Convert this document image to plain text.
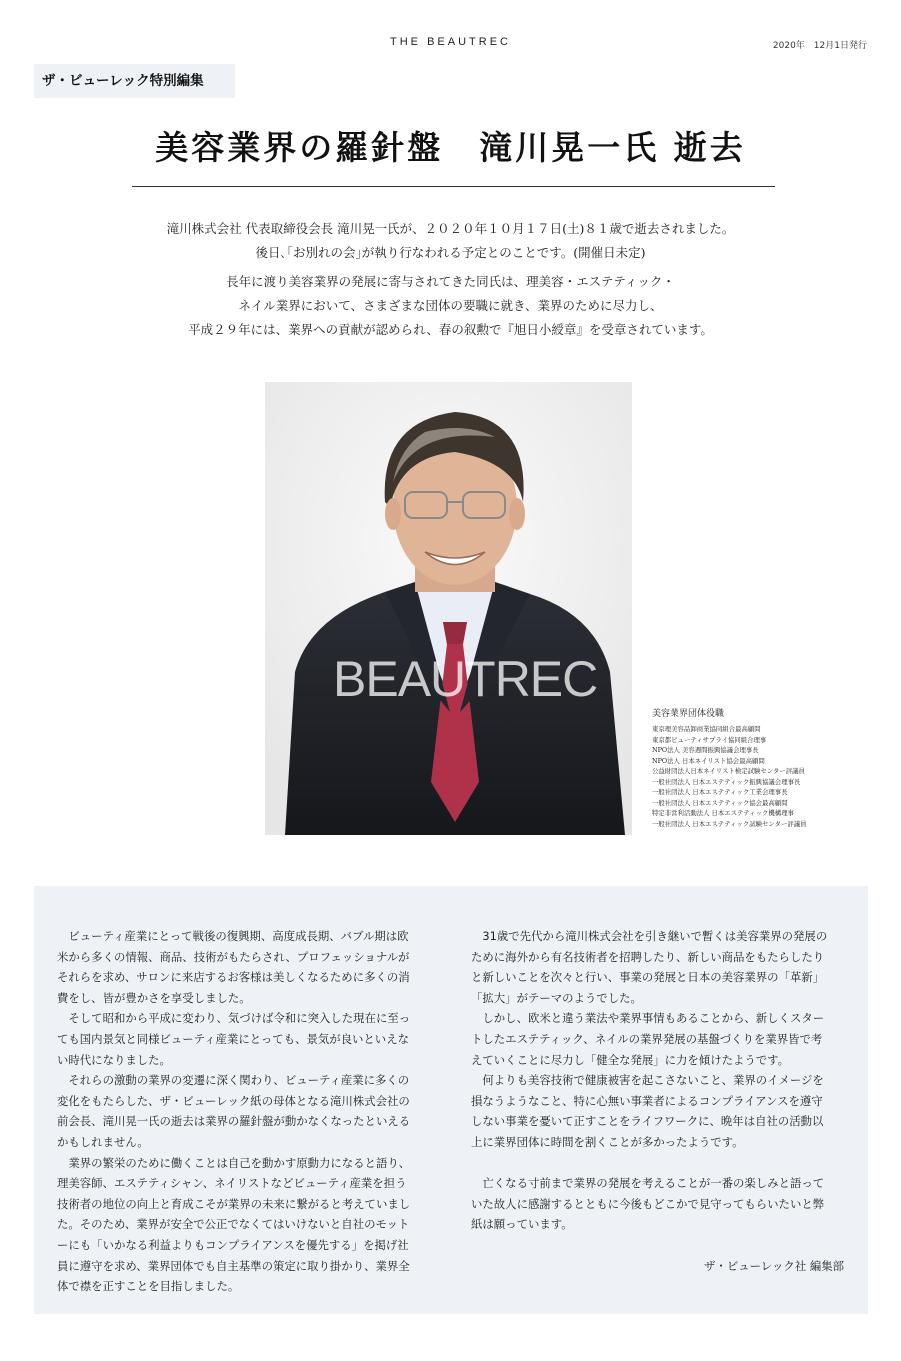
THE BEAUTREC	2020年　12月1日発行
ザ・ビューレック特別編集
美容業界の羅針盤　滝川晃一氏 逝去

滝川株式会社 代表取締役会長 滝川晃一氏が、２０２０年１０月１７日(土)８１歳で逝去されました。

後日､｢お別れの会｣が執り行なわれる予定とのことです。(開催日未定)

長年に渡り美容業界の発展に寄与されてきた同氏は、理美容・エステティック・

ネイル業界において、さまざまな団体の要職に就き、業界のために尽力し、

平成２９年には、業界への貢献が認められ、春の叙勲で『旭日小綬章』を受章されています。

BEAUTREC
美容業界団体役職
東京理美容品卸商業協同組合最高顧問
東京都ビューティサプライ協同組合理事
NPO法人 美容週間振興協議会理事長
NPO法人 日本ネイリスト協会最高顧問
公益財団法人日本ネイリスト検定試験センター評議員
一般社団法人 日本エステティック振興協議会理事長
一般社団法人 日本エステティック工業会理事長
一般社団法人 日本エステティック協会最高顧問
特定非営利活動法人 日本エステティック機構理事
一般社団法人 日本エステティック試験センター評議員

ビューティ産業にとって戦後の復興期、高度成長期、バブル期は欧米から多くの情報、商品、技術がもたらされ、プロフェッショナルがそれらを求め、サロンに来店するお客様は美しくなるために多くの消費をし、皆が豊かさを享受しました。

そして昭和から平成に変わり、気づけば令和に突入した現在に至っても国内景気と同様ビューティ産業にとっても、景気が良いといえない時代になりました。

それらの激動の業界の変遷に深く関わり、ビューティ産業に多くの変化をもたらした、ザ・ビューレック紙の母体となる滝川株式会社の前会長、滝川晃一氏の逝去は業界の羅針盤が動かなくなったといえるかもしれません。

業界の繁栄のために働くことは自己を動かす原動力になると語り、理美容師、エステティシャン、ネイリストなどビューティ産業を担う技術者の地位の向上と育成こそが業界の未来に繋がると考えていました。そのため、業界が安全で公正でなくてはいけないと自社のモットーにも「いかなる利益よりもコンプライアンスを優先する」を掲げ社員に遵守を求め、業界団体でも自主基準の策定に取り掛かり、業界全体で襟を正すことを目指しました。

31歳で先代から滝川株式会社を引き継いで暫くは美容業界の発展のために海外から有名技術者を招聘したり、新しい商品をもたらしたりと新しいことを次々と行い、事業の発展と日本の美容業界の「革新」「拡大」がテーマのようでした。

しかし、欧米と違う業法や業界事情もあることから、新しくスタートしたエステティック、ネイルの業界発展の基盤づくりを業界皆で考えていくことに尽力し「健全な発展」に力を傾けたようです。

何よりも美容技術で健康被害を起こさないこと、業界のイメージを損なうようなこと、特に心無い事業者によるコンプライアンスを遵守しない事業を憂いて正すことをライフワークに、晩年は自社の活動以上に業界団体に時間を割くことが多かったようです。

亡くなる寸前まで業界の発展を考えることが一番の楽しみと語っていた故人に感謝するとともに今後もどこかで見守ってもらいたいと弊紙は願っています。

ザ・ビューレック社 編集部
